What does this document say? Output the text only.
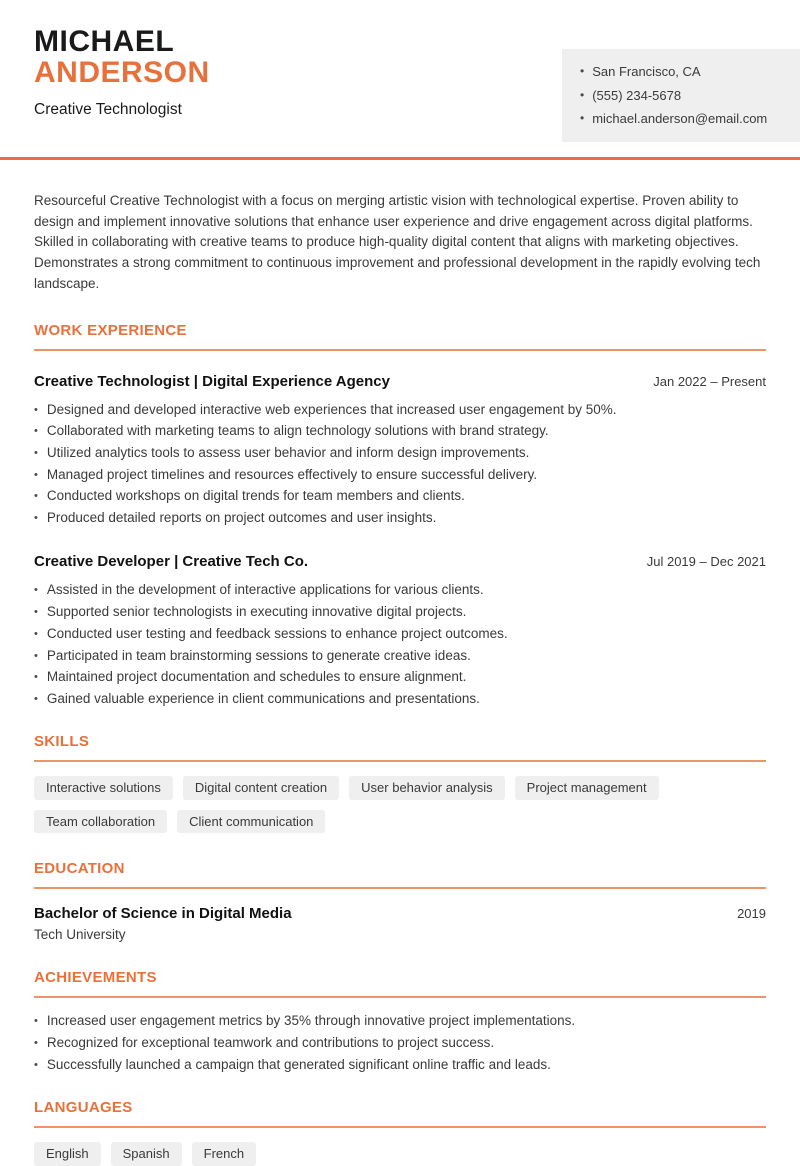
MICHAEL
ANDERSON
Creative Technologist
• San Francisco, CA
• (555) 234-5678
• michael.anderson@email.com

Resourceful Creative Technologist with a focus on merging artistic vision with technological expertise. Proven ability to design and implement innovative solutions that enhance user experience and drive engagement across digital platforms. Skilled in collaborating with creative teams to produce high-quality digital content that aligns with marketing objectives. Demonstrates a strong commitment to continuous improvement and professional development in the rapidly evolving tech landscape.

WORK EXPERIENCE
Creative Technologist | Digital Experience Agency	Jan 2022 – Present
• Designed and developed interactive web experiences that increased user engagement by 50%.
• Collaborated with marketing teams to align technology solutions with brand strategy.
• Utilized analytics tools to assess user behavior and inform design improvements.
• Managed project timelines and resources effectively to ensure successful delivery.
• Conducted workshops on digital trends for team members and clients.
• Produced detailed reports on project outcomes and user insights.
Creative Developer | Creative Tech Co.	Jul 2019 – Dec 2021
• Assisted in the development of interactive applications for various clients.
• Supported senior technologists in executing innovative digital projects.
• Conducted user testing and feedback sessions to enhance project outcomes.
• Participated in team brainstorming sessions to generate creative ideas.
• Maintained project documentation and schedules to ensure alignment.
• Gained valuable experience in client communications and presentations.
SKILLS
Interactive solutions	Digital content creation	User behavior analysis	Project management
Team collaboration	Client communication
EDUCATION
Bachelor of Science in Digital Media	2019
Tech University
ACHIEVEMENTS
• Increased user engagement metrics by 35% through innovative project implementations.
• Recognized for exceptional teamwork and contributions to project success.
• Successfully launched a campaign that generated significant online traffic and leads.
LANGUAGES
English	Spanish	French
